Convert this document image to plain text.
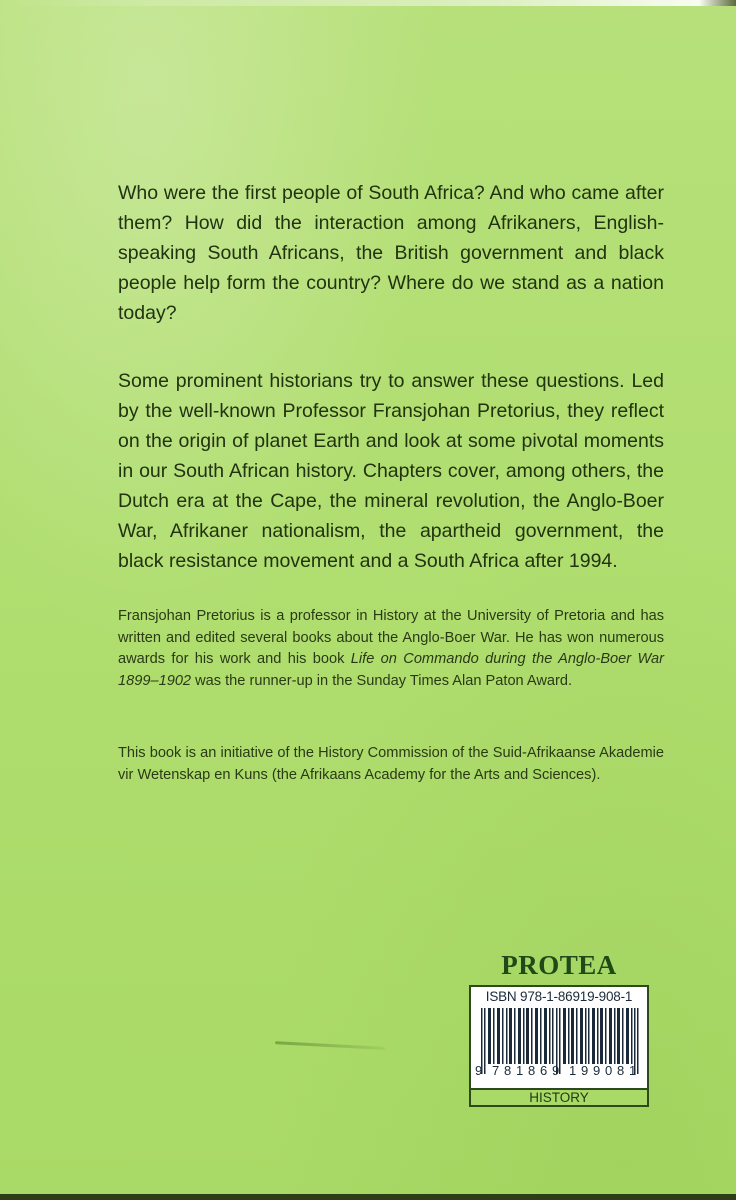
Who were the first people of South Africa? And who came after them? How did the interaction among Afrikaners, English-speaking South Africans, the British government and black people help form the country? Where do we stand as a nation today?

Some prominent historians try to answer these questions. Led by the well-known Professor Fransjohan Pretorius, they reflect on the origin of planet Earth and look at some pivotal moments in our South African history. Chapters cover, among others, the Dutch era at the Cape, the mineral revolution, the Anglo-Boer War, Afrikaner nationalism, the apartheid government, the black resistance movement and a South Africa after 1994.

Fransjohan Pretorius is a professor in History at the University of Pretoria and has written and edited several books about the Anglo-Boer War. He has won numerous awards for his work and his book Life on Commando during the Anglo-Boer War 1899–1902 was the runner-up in the Sunday Times Alan Paton Award.

This book is an initiative of the History Commission of the Suid-Afrikaanse Akademie vir Wetenskap en Kuns (the Afrikaans Academy for the Arts and Sciences).

PROTEA
ISBN 978-1-86919-908-1
9 7 8 1 8 6 9 1 9 9 0 8 1
HISTORY
